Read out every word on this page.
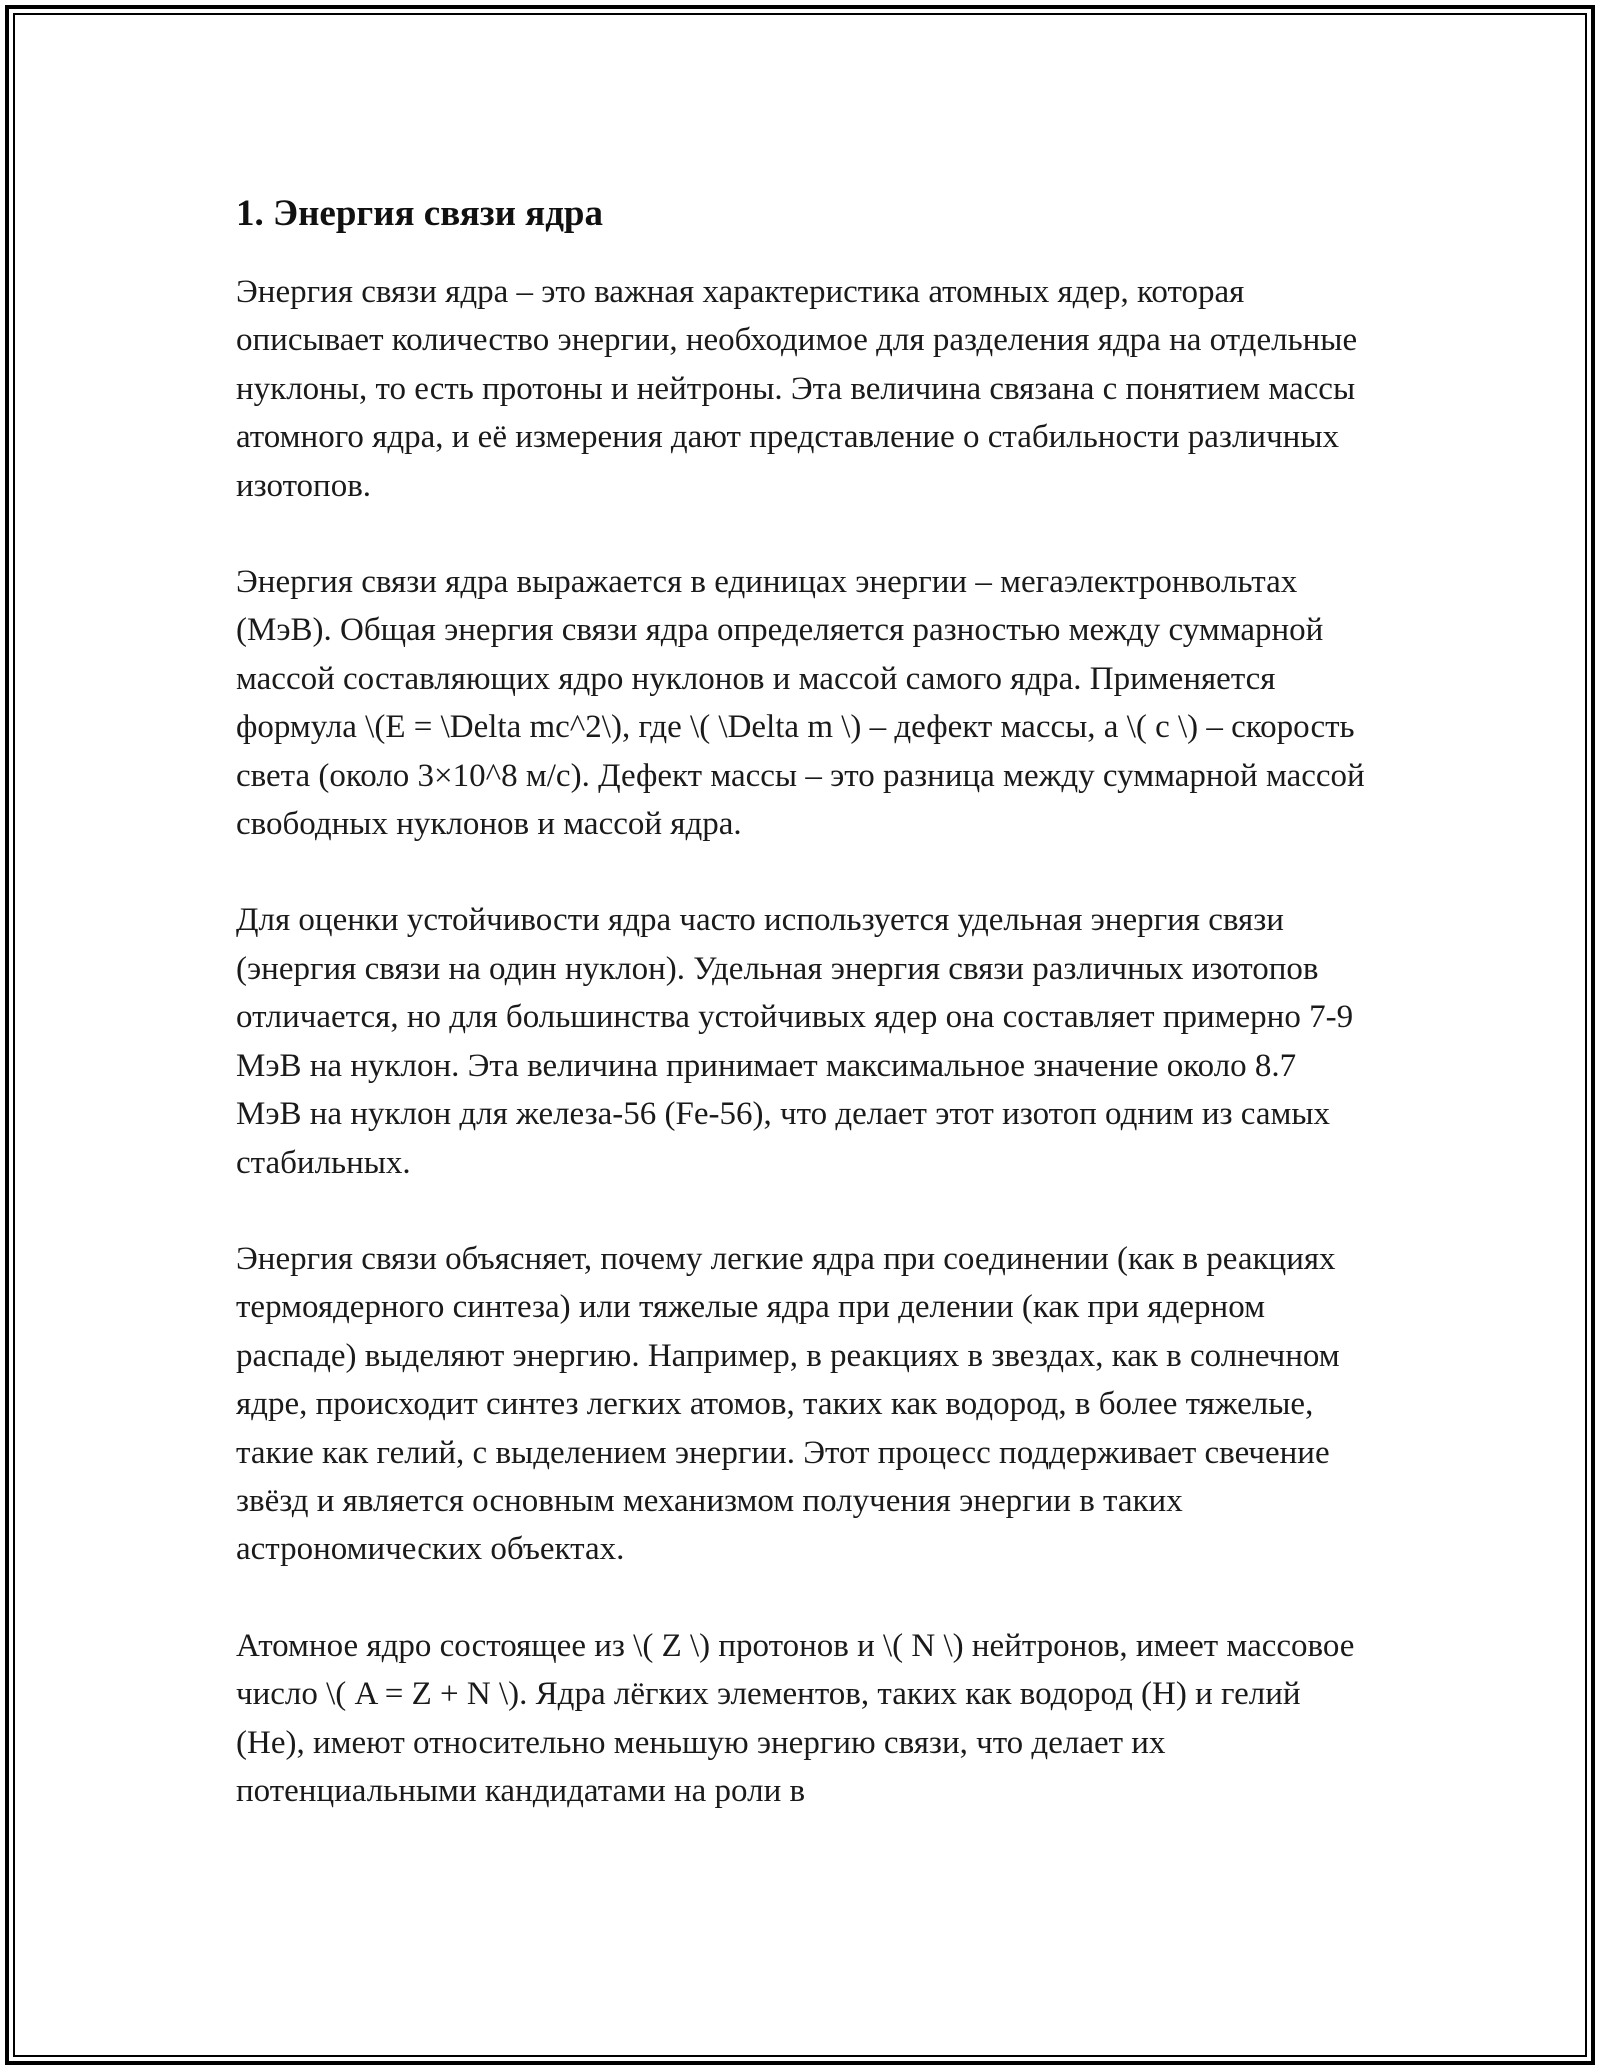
1. Энергия связи ядра

Энергия связи ядра – это важная характеристика атомных ядер, которая описывает количество энергии, необходимое для разделения ядра на отдельные нуклоны, то есть протоны и нейтроны. Эта величина связана с понятием массы атомного ядра, и её измерения дают представление о стабильности различных изотопов.

Энергия связи ядра выражается в единицах энергии – мегаэлектронвольтах (МэВ). Общая энергия связи ядра определяется разностью между суммарной массой составляющих ядро нуклонов и массой самого ядра. Применяется формула \(E = \Delta mc^2\), где \( \Delta m \) – дефект массы, а \( c \) – скорость света (около 3×10^8 м/с). Дефект массы – это разница между суммарной массой свободных нуклонов и массой ядра.

Для оценки устойчивости ядра часто используется удельная энергия связи (энергия связи на один нуклон). Удельная энергия связи различных изотопов отличается, но для большинства устойчивых ядер она составляет примерно 7-9 МэВ на нуклон. Эта величина принимает максимальное значение около 8.7 МэВ на нуклон для железа-56 (Fe-56), что делает этот изотоп одним из самых стабильных.

Энергия связи объясняет, почему легкие ядра при соединении (как в реакциях термоядерного синтеза) или тяжелые ядра при делении (как при ядерном распаде) выделяют энергию. Например, в реакциях в звездах, как в солнечном ядре, происходит синтез легких атомов, таких как водород, в более тяжелые, такие как гелий, с выделением энергии. Этот процесс поддерживает свечение звёзд и является основным механизмом получения энергии в таких астрономических объектах.

Атомное ядро состоящее из \( Z \) протонов и \( N \) нейтронов, имеет массовое число \( A = Z + N \). Ядра лёгких элементов, таких как водород (H) и гелий (He), имеют относительно меньшую энергию связи, что делает их потенциальными кандидатами на роли в
